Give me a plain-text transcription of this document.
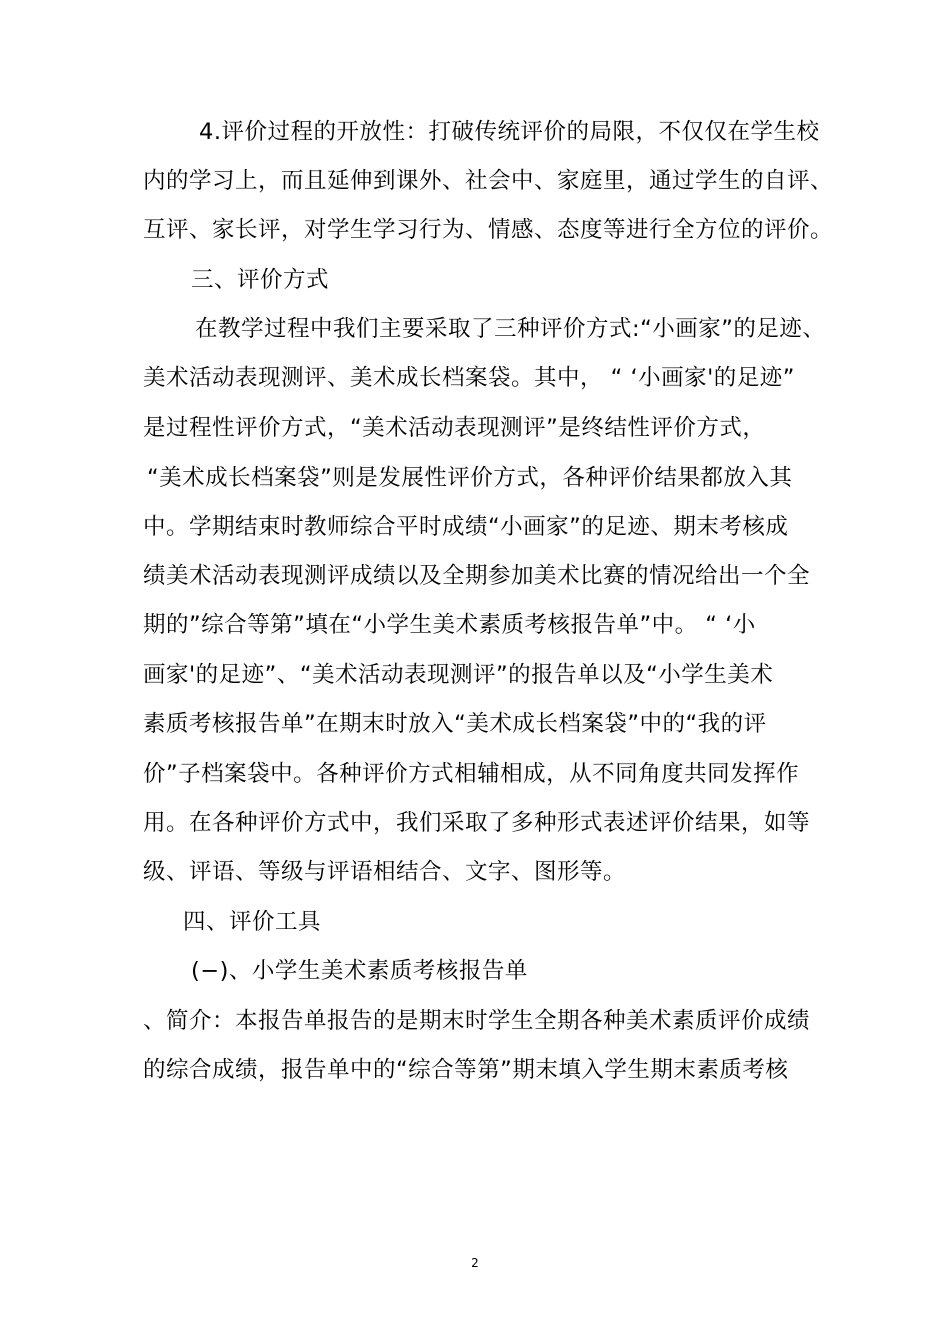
4.评价过程的开放性：打破传统评价的局限，不仅仅在学生校
内的学习上，而且延伸到课外、社会中、家庭里，通过学生的自评、
互评、家长评，对学生学习行为、情感、态度等进行全方位的评价。
三、评价方式
在教学过程中我们主要采取了三种评价方式:“小画家”的足迹、
美术活动表现测评、美术成长档案袋。其中， “ ‘小画家'的足迹”
是过程性评价方式，“美术活动表现测评”是终结性评价方式，
“美术成长档案袋”则是发展性评价方式，各种评价结果都放入其
中。学期结束时教师综合平时成绩“小画家”的足迹、期末考核成
绩美术活动表现测评成绩以及全期参加美术比赛的情况给出一个全
期的”综合等第”填在“小学生美术素质考核报告单”中。 “ ‘小
画家'的足迹”、“美术活动表现测评”的报告单以及“小学生美术
素质考核报告单”在期末时放入“美术成长档案袋”中的“我的评
价”子档案袋中。各种评价方式相辅相成，从不同角度共同发挥作
用。在各种评价方式中，我们采取了多种形式表述评价结果，如等
级、评语、等级与评语相结合、文字、图形等。
四、评价工具
(−)、小学生美术素质考核报告单
、简介：本报告单报告的是期末时学生全期各种美术素质评价成绩
的综合成绩，报告单中的“综合等第”期末填入学生期末素质考核
2
